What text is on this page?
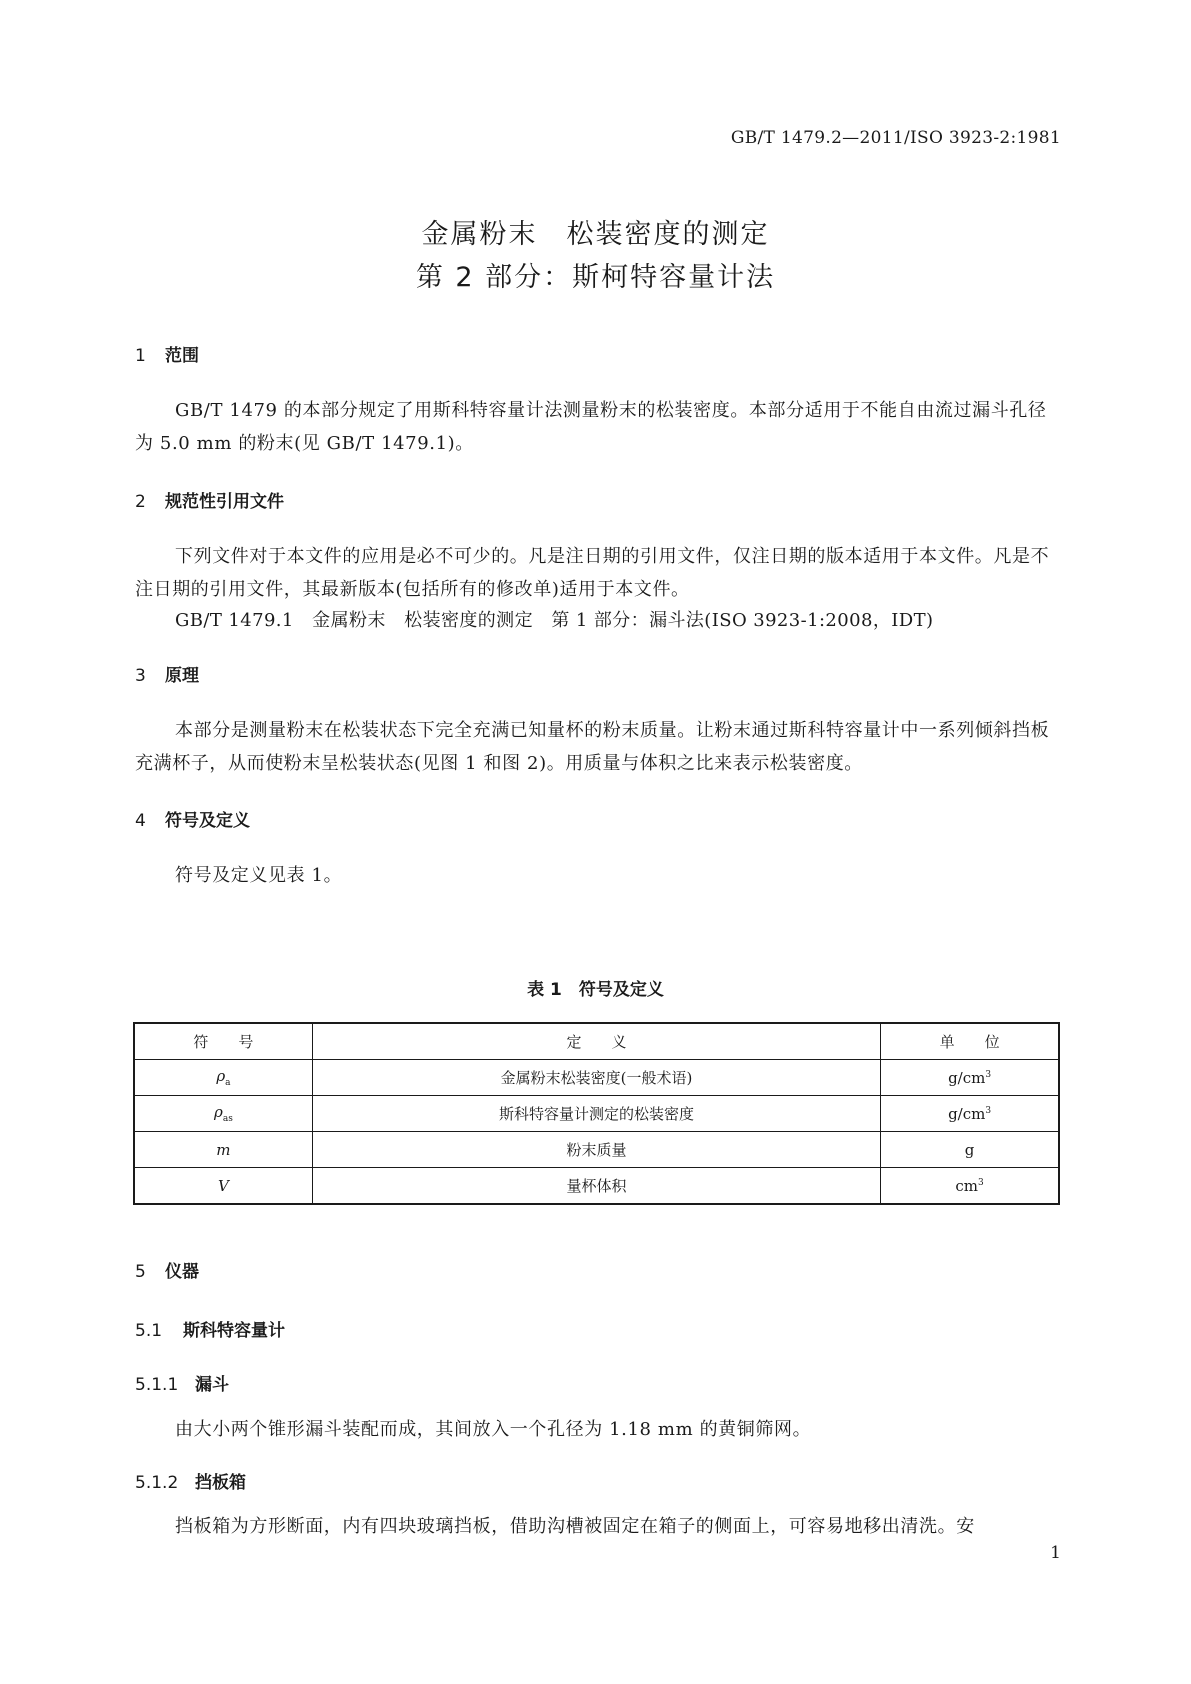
GB/T 1479.2—2011/ISO 3923-2:1981
金属粉末　松装密度的测定
第 2 部分：斯柯特容量计法
1 范围
GB/T 1479 的本部分规定了用斯科特容量计法测量粉末的松装密度。本部分适用于不能自由流过漏斗孔径为 5.0 mm 的粉末(见 GB/T 1479.1)。
2 规范性引用文件
下列文件对于本文件的应用是必不可少的。凡是注日期的引用文件，仅注日期的版本适用于本文件。凡是不注日期的引用文件，其最新版本(包括所有的修改单)适用于本文件。
GB/T 1479.1　金属粉末　松装密度的测定　第 1 部分：漏斗法(ISO 3923-1:2008，IDT)
3 原理
本部分是测量粉末在松装状态下完全充满已知量杯的粉末质量。让粉末通过斯科特容量计中一系列倾斜挡板充满杯子，从而使粉末呈松装状态(见图 1 和图 2)。用质量与体积之比来表示松装密度。
4 符号及定义
符号及定义见表 1。
表 1　符号及定义
符　　号	定　　义	单　　位
$\rho_a$	金属粉末松装密度(一般术语)	$g/cm^3$
$\rho_{as}$	斯科特容量计测定的松装密度	$g/cm^3$
m	粉末质量	g
V	量杯体积	$cm^3$
5 仪器
5.1 斯科特容量计
5.1.1 漏斗
由大小两个锥形漏斗装配而成，其间放入一个孔径为 1.18 mm 的黄铜筛网。
5.1.2 挡板箱
挡板箱为方形断面，内有四块玻璃挡板，借助沟槽被固定在箱子的侧面上，可容易地移出清洗。安
1
